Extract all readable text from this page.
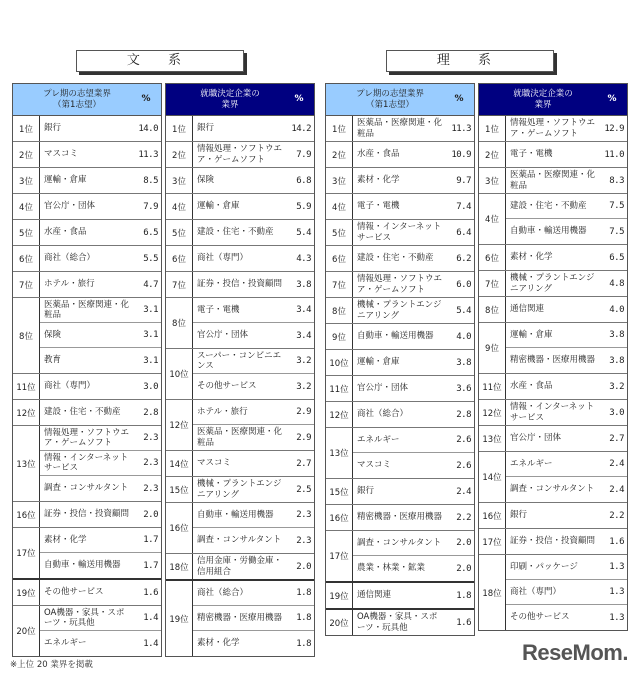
文 系	理 系
プレ期の志望業界
（第1志望）
%
1位	銀行	14.0
2位	マスコミ	11.3
3位	運輸・倉庫	8.5
4位	官公庁・団体	7.9
5位	水産・食品	6.5
6位	商社（総合）	5.5
7位	ホテル・旅行	4.7
8位
医薬品・医療関連・化粧品	3.1
保険	3.1
教育	3.1
11位 商社（専門）	3.0
12位 建設・住宅・不動産	2.8
13位
情報処理・ソフトウエア・ゲームソフト	2.3
情報・インターネットサービス	2.3
調査・コンサルタント	2.3
16位 証券・投信・投資顧問	2.0
17位
素材・化学	1.7
自動車・輸送用機器	1.7
19位 その他サービス	1.6
20位
OA機器・家具・スポーツ・玩具他	1.4
エネルギー	1.4
就職決定企業の
業界
%
1位	銀行	14.2
2位
情報処理・ソフトウエア・ゲームソフト	7.9
3位	保険	6.8
4位	運輸・倉庫	5.9
5位	建設・住宅・不動産	5.4
6位	商社（専門）	4.3
7位	証券・投信・投資顧問	3.8
8位
電子・電機	3.4
官公庁・団体	3.4
10位
スーパー・コンビニエンス	3.2
その他サービス	3.2
12位
ホテル・旅行	2.9
医薬品・医療関連・化粧品	2.9
14位 マスコミ	2.7
15位
機械・プラントエンジニアリング	2.5
16位
自動車・輸送用機器	2.3
調査・コンサルタント	2.3
18位
信用金庫・労働金庫・信用組合	2.0
19位
商社（総合）	1.8
精密機器・医療用機器	1.8
素材・化学	1.8
プレ期の志望業界
（第1志望）
%
1位
医薬品・医療関連・化粧品	11.3
2位	水産・食品	10.9
3位	素材・化学	9.7
4位	電子・電機	7.4
5位
情報・インターネットサービス	6.4
6位	建設・住宅・不動産	6.2
7位
情報処理・ソフトウエア・ゲームソフト	6.0
8位
機械・プラントエンジニアリング	5.4
9位	自動車・輸送用機器	4.0
10位 運輸・倉庫	3.8
11位 官公庁・団体	3.6
12位 商社（総合）	2.8
13位
エネルギー	2.6
マスコミ	2.6
15位 銀行	2.4
16位 精密機器・医療用機器	2.2
17位
調査・コンサルタント	2.0
農業・林業・鉱業	2.0
19位 通信関連	1.8
20位
OA機器・家具・スポーツ・玩具他	1.6
就職決定企業の
業界
%
1位
情報処理・ソフトウエア・ゲームソフト	12.9
2位	電子・電機	11.0
3位
医薬品・医療関連・化粧品	8.3
4位
建設・住宅・不動産	7.5
自動車・輸送用機器	7.5
6位	素材・化学	6.5
7位
機械・プラントエンジニアリング	4.8
8位	通信関連	4.0
9位
運輸・倉庫	3.8
精密機器・医療用機器	3.8
11位 水産・食品	3.2
12位
情報・インターネットサービス	3.0
13位 官公庁・団体	2.7
14位
エネルギー	2.4
調査・コンサルタント	2.4
16位 銀行	2.2
17位 証券・投信・投資顧問	1.6
18位
印刷・パッケージ	1.3
商社（専門）	1.3
その他サービス	1.3
※上位 20 業界を掲載	ReseMom.
